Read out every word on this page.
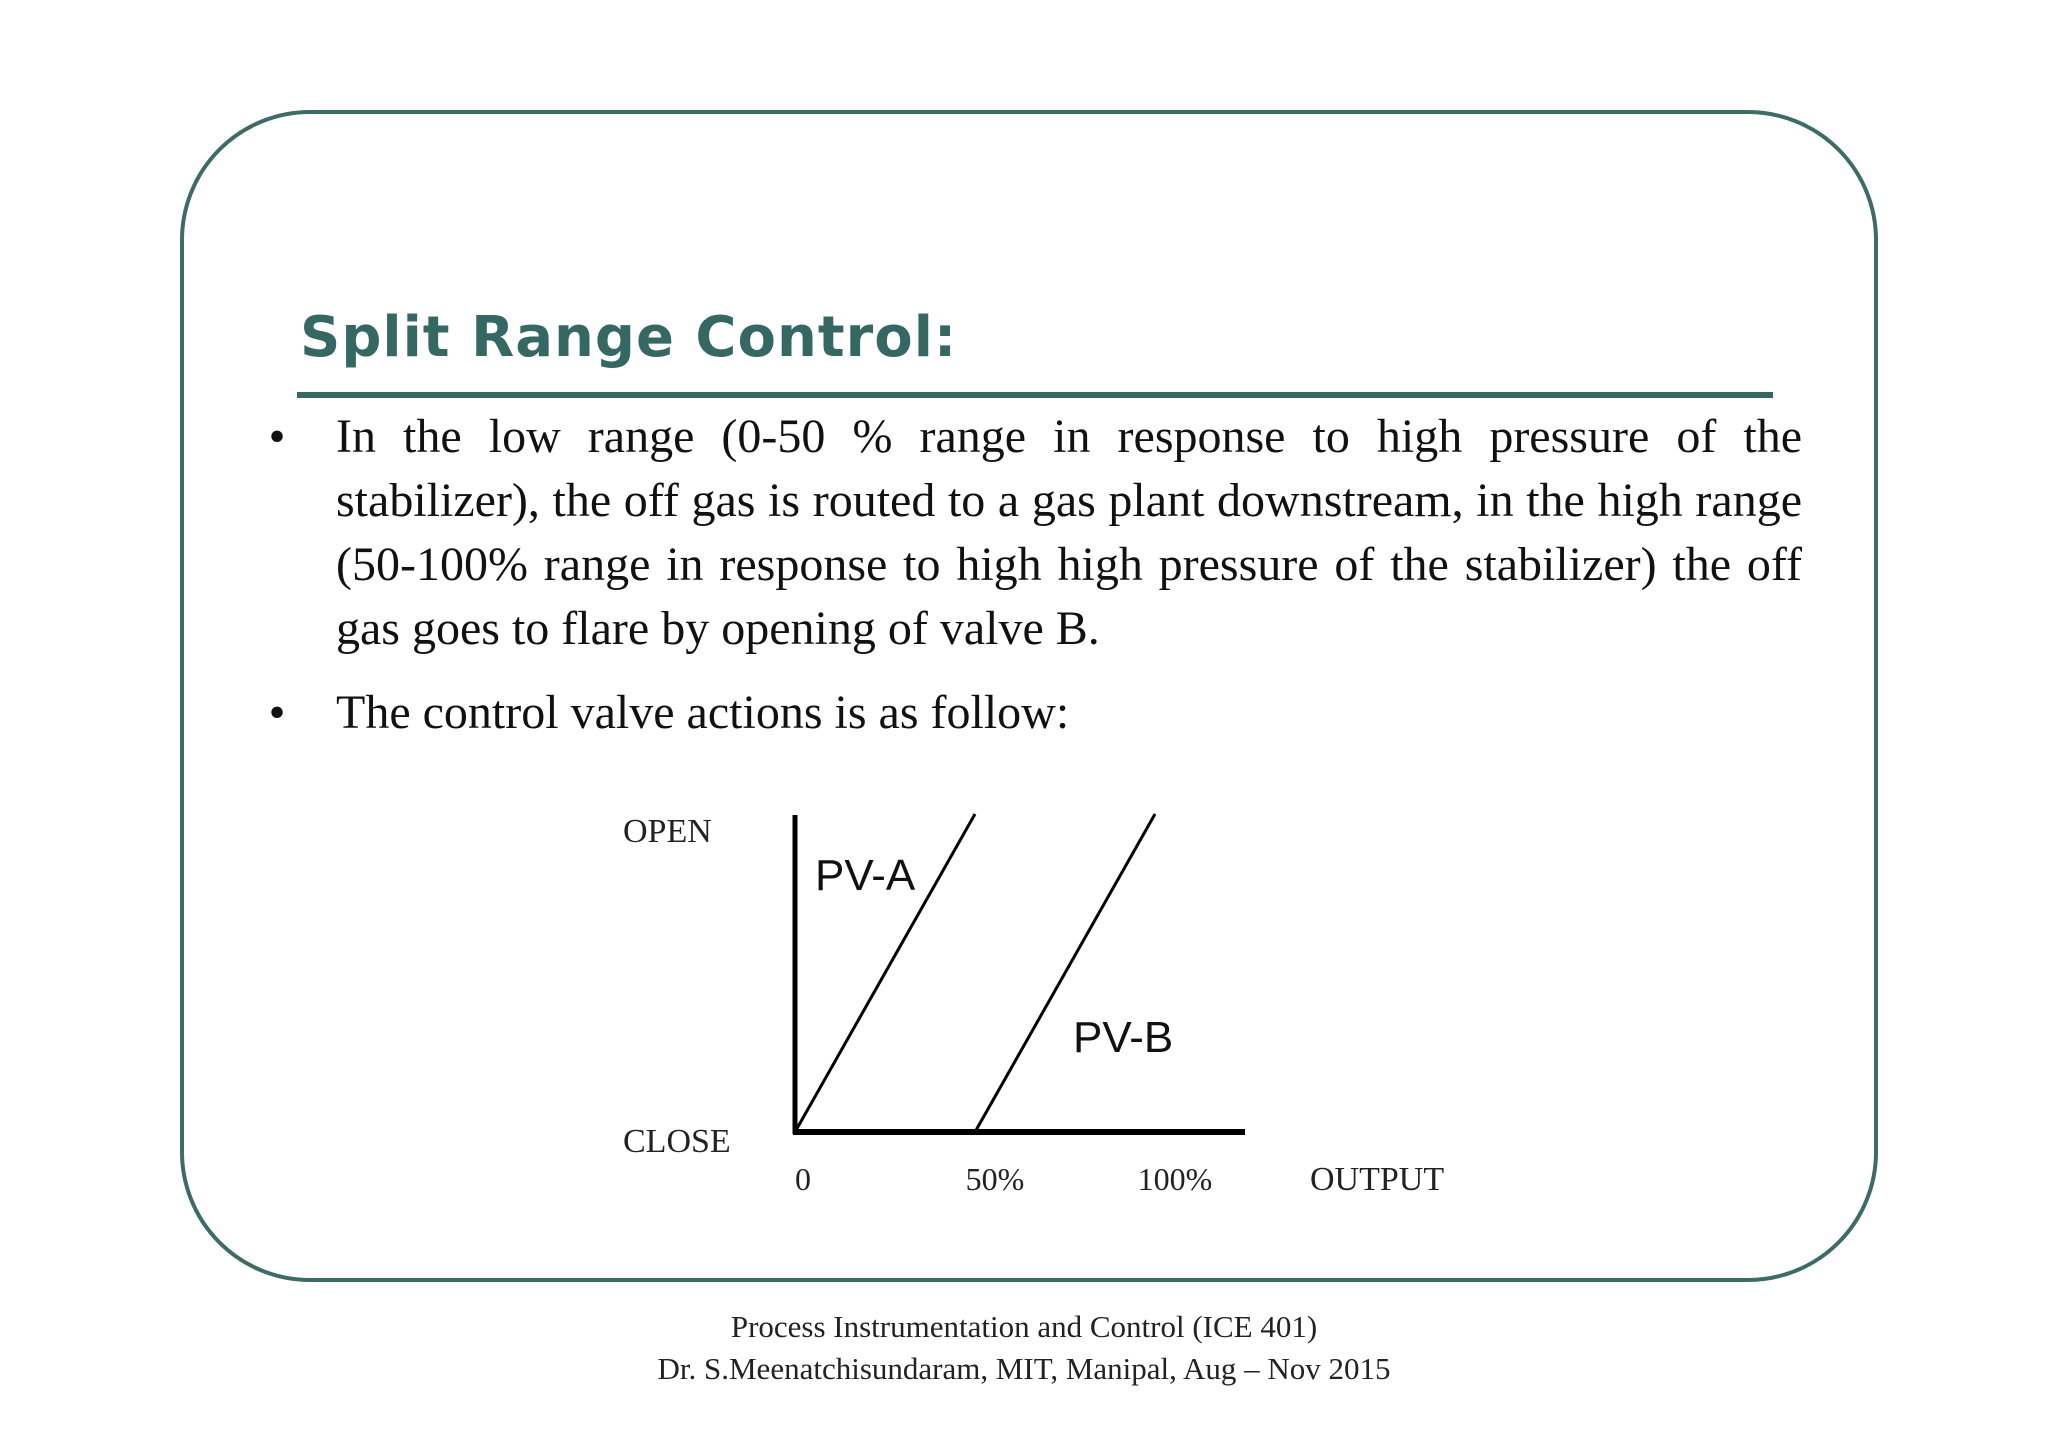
Split Range Control:
• In the low range (0-50 % range in response to high pressure of the stabilizer), the off gas is routed to a gas plant downstream, in the high range (50-100% range in response to high high pressure of the stabilizer) the off gas goes to flare by opening of valve B.
• The control valve actions is as follow:
OPEN
CLOSE
OUTPUT
0	50%	100%
PV-A
PV-B
Process Instrumentation and Control (ICE 401)
Dr. S.Meenatchisundaram, MIT, Manipal, Aug – Nov 2015
